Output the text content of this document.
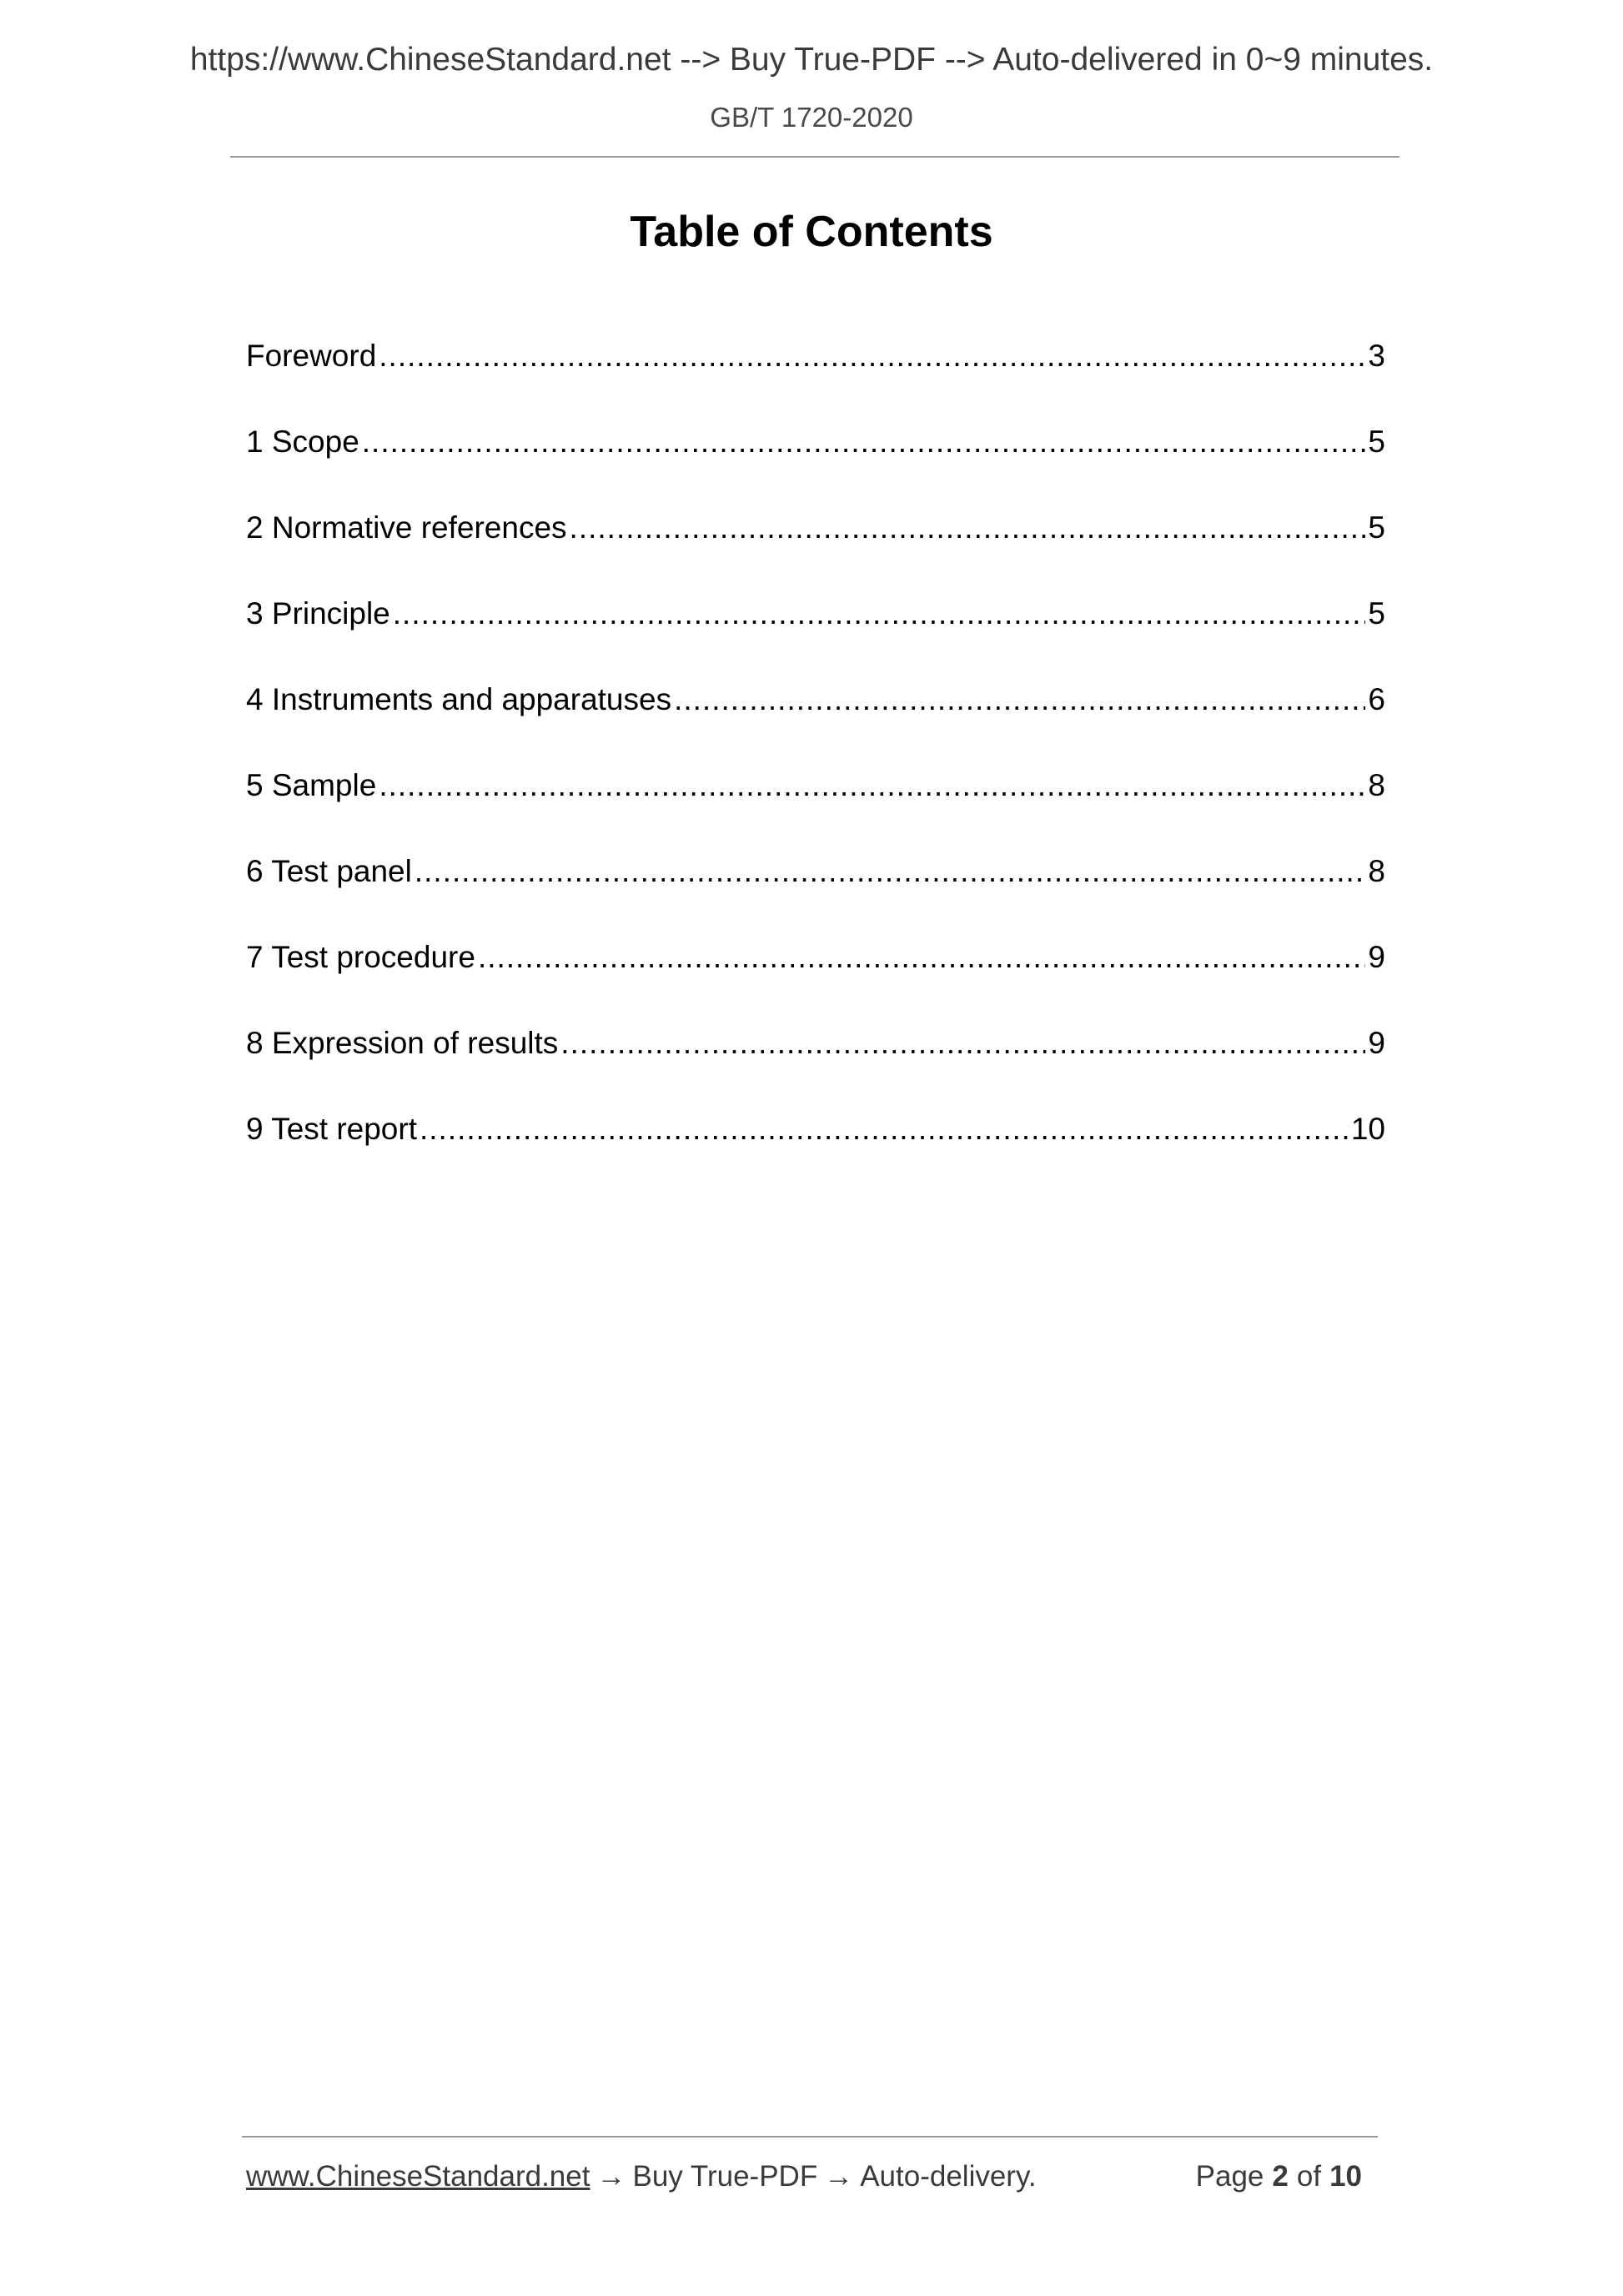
https://www.ChineseStandard.net --> Buy True-PDF --> Auto-delivered in 0~9 minutes.
GB/T 1720-2020
Table of Contents
Foreword .....	3
1 Scope .....	5
2 Normative references .....	5
3 Principle .....	5
4 Instruments and apparatuses .....	6
5 Sample .....	8
6 Test panel .....	8
7 Test procedure .....	9
8 Expression of results .....	9
9 Test report .....	10
www.ChineseStandard.net → Buy True-PDF → Auto-delivery.	Page 2 of 10
